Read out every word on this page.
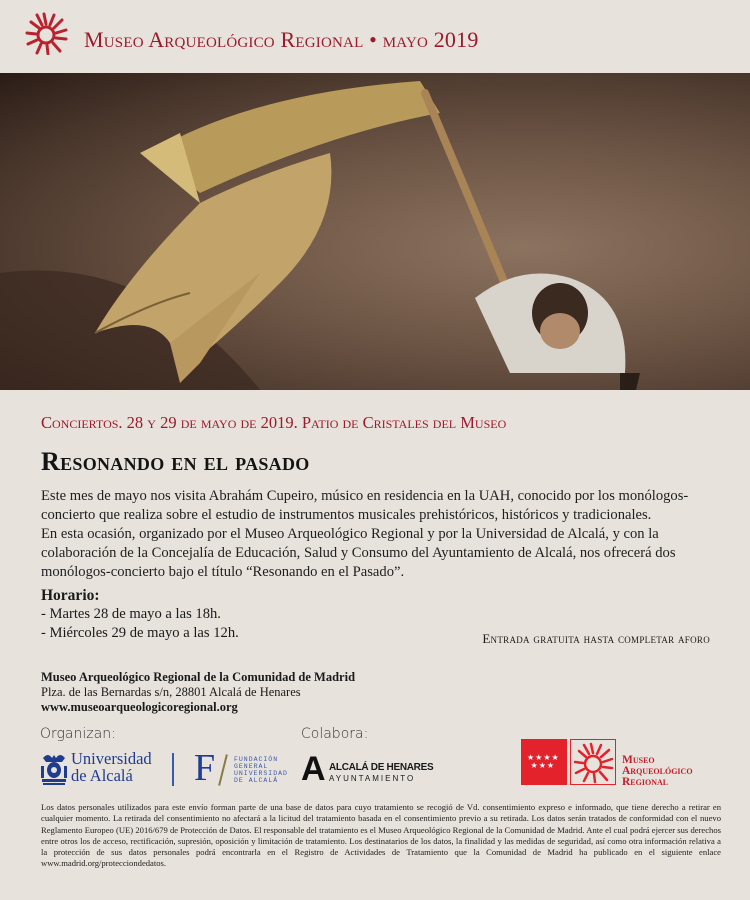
Museo Arqueológico Regional • mayo 2019
Conciertos. 28 y 29 de mayo de 2019. Patio de Cristales del Museo
Resonando en el pasado

Este mes de mayo nos visita Abrahám Cupeiro, músico en residencia en la UAH, conocido por los monólogos-concierto que realiza sobre el estudio de instrumentos musicales prehistóricos, históricos y tradicionales.

En esta ocasión, organizado por el Museo Arqueológico Regional y por la Universidad de Alcalá, y con la colaboración de la Concejalía de Educación, Salud y Consumo del Ayuntamiento de Alcalá, nos ofrecerá dos monólogos-concierto bajo el título “Resonando en el Pasado”.

Horario:
- Martes 28 de mayo a las 18h.
- Miércoles 29 de mayo a las 12h.	Entrada gratuita hasta completar aforo
Museo Arqueológico Regional de la Comunidad de Madrid
Plza. de las Bernardas s/n, 28801 Alcalá de Henares
www.museoarqueologicoregional.org
Organizan:	Colabora:
Universidad
de Alcalá	F	FUNDACIÓN
GENERAL
UNIVERSIDAD
DE ALCALÁ A ALCALÁ DE HENARES
AYUNTAMIENTO
★★★★
★★★	Museo
Arqueológico
Regional
Los datos personales utilizados para este envío forman parte de una base de datos para cuyo tratamiento se recogió de Vd. consentimiento expreso e informado, que tiene derecho a retirar en cualquier momento. La retirada del consentimiento no afectará a la licitud del tratamiento basada en el consentimiento previo a su retirada. Los datos serán tratados de conformidad con el nuevo Reglamento Europeo (UE) 2016/679 de Protección de Datos. El responsable del tratamiento es el Museo Arqueológico Regional de la Comunidad de Madrid. Ante el cual podrá ejercer sus derechos entre otros los de acceso, rectificación, supresión, oposición y limitación de tratamiento. Los destinatarios de los datos, la finalidad y las medidas de seguridad, así como otra información relativa a la protección de sus datos personales podrá encontrarla en el Registro de Actividades de Tratamiento que la Comunidad de Madrid ha publicado en el siguiente enlace www.madrid.org/protecciondedatos.
